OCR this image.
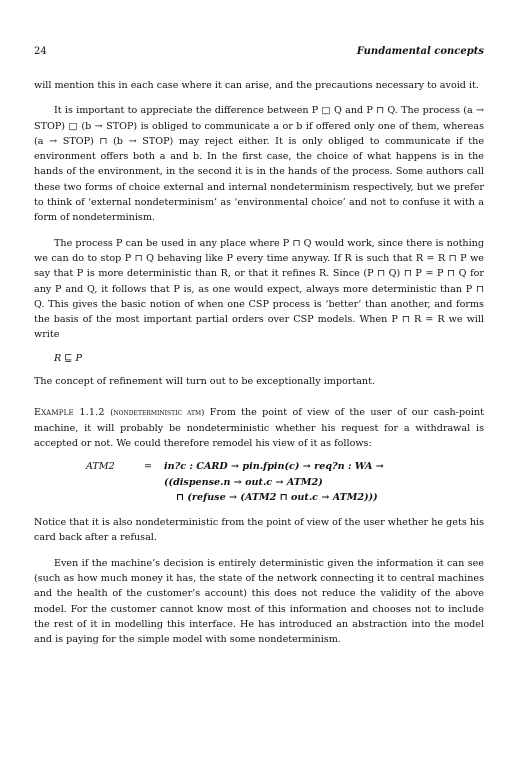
24	Fundamental concepts

will mention this in each case where it can arise, and the precautions necessary to avoid it.

It is important to appreciate the difference between P □ Q and P ⊓ Q. The process (a → STOP) □ (b → STOP) is obliged to communicate a or b if offered only one of them, whereas (a → STOP) ⊓ (b → STOP) may reject either. It is only obliged to communicate if the environment offers both a and b. In the first case, the choice of what happens is in the hands of the environment, in the second it is in the hands of the process. Some authors call these two forms of choice external and internal nondeterminism respectively, but we prefer to think of ‘external nondeterminism’ as ‘environmental choice’ and not to confuse it with a form of nondeterminism.

The process P can be used in any place where P ⊓ Q would work, since there is nothing we can do to stop P ⊓ Q behaving like P every time anyway. If R is such that R = R ⊓ P we say that P is more deterministic than R, or that it refines R. Since (P ⊓ Q) ⊓ P = P ⊓ Q for any P and Q, it follows that P is, as one would expect, always more deterministic than P ⊓ Q. This gives the basic notion of when one CSP process is ‘better’ than another, and forms the basis of the most important partial orders over CSP models. When P ⊓ R = R we will write

R ⊑ P

The concept of refinement will turn out to be exceptionally important.

Example 1.1.2 (nondeterministic atm) From the point of view of the user of our cash-point machine, it will probably be nondeterministic whether his request for a withdrawal is accepted or not. We could therefore remodel his view of it as follows:

ATM2	= in?c : CARD → pin.fpin(c) → req?n : WA →
((dispense.n → out.c → ATM2)
⊓ (refuse → (ATM2 ⊓ out.c → ATM2)))

Notice that it is also nondeterministic from the point of view of the user whether he gets his card back after a refusal.

Even if the machine’s decision is entirely deterministic given the information it can see (such as how much money it has, the state of the network connecting it to central machines and the health of the customer’s account) this does not reduce the validity of the above model. For the customer cannot know most of this information and chooses not to include the rest of it in modelling this interface. He has introduced an abstraction into the model and is paying for the simple model with some nondeterminism.
